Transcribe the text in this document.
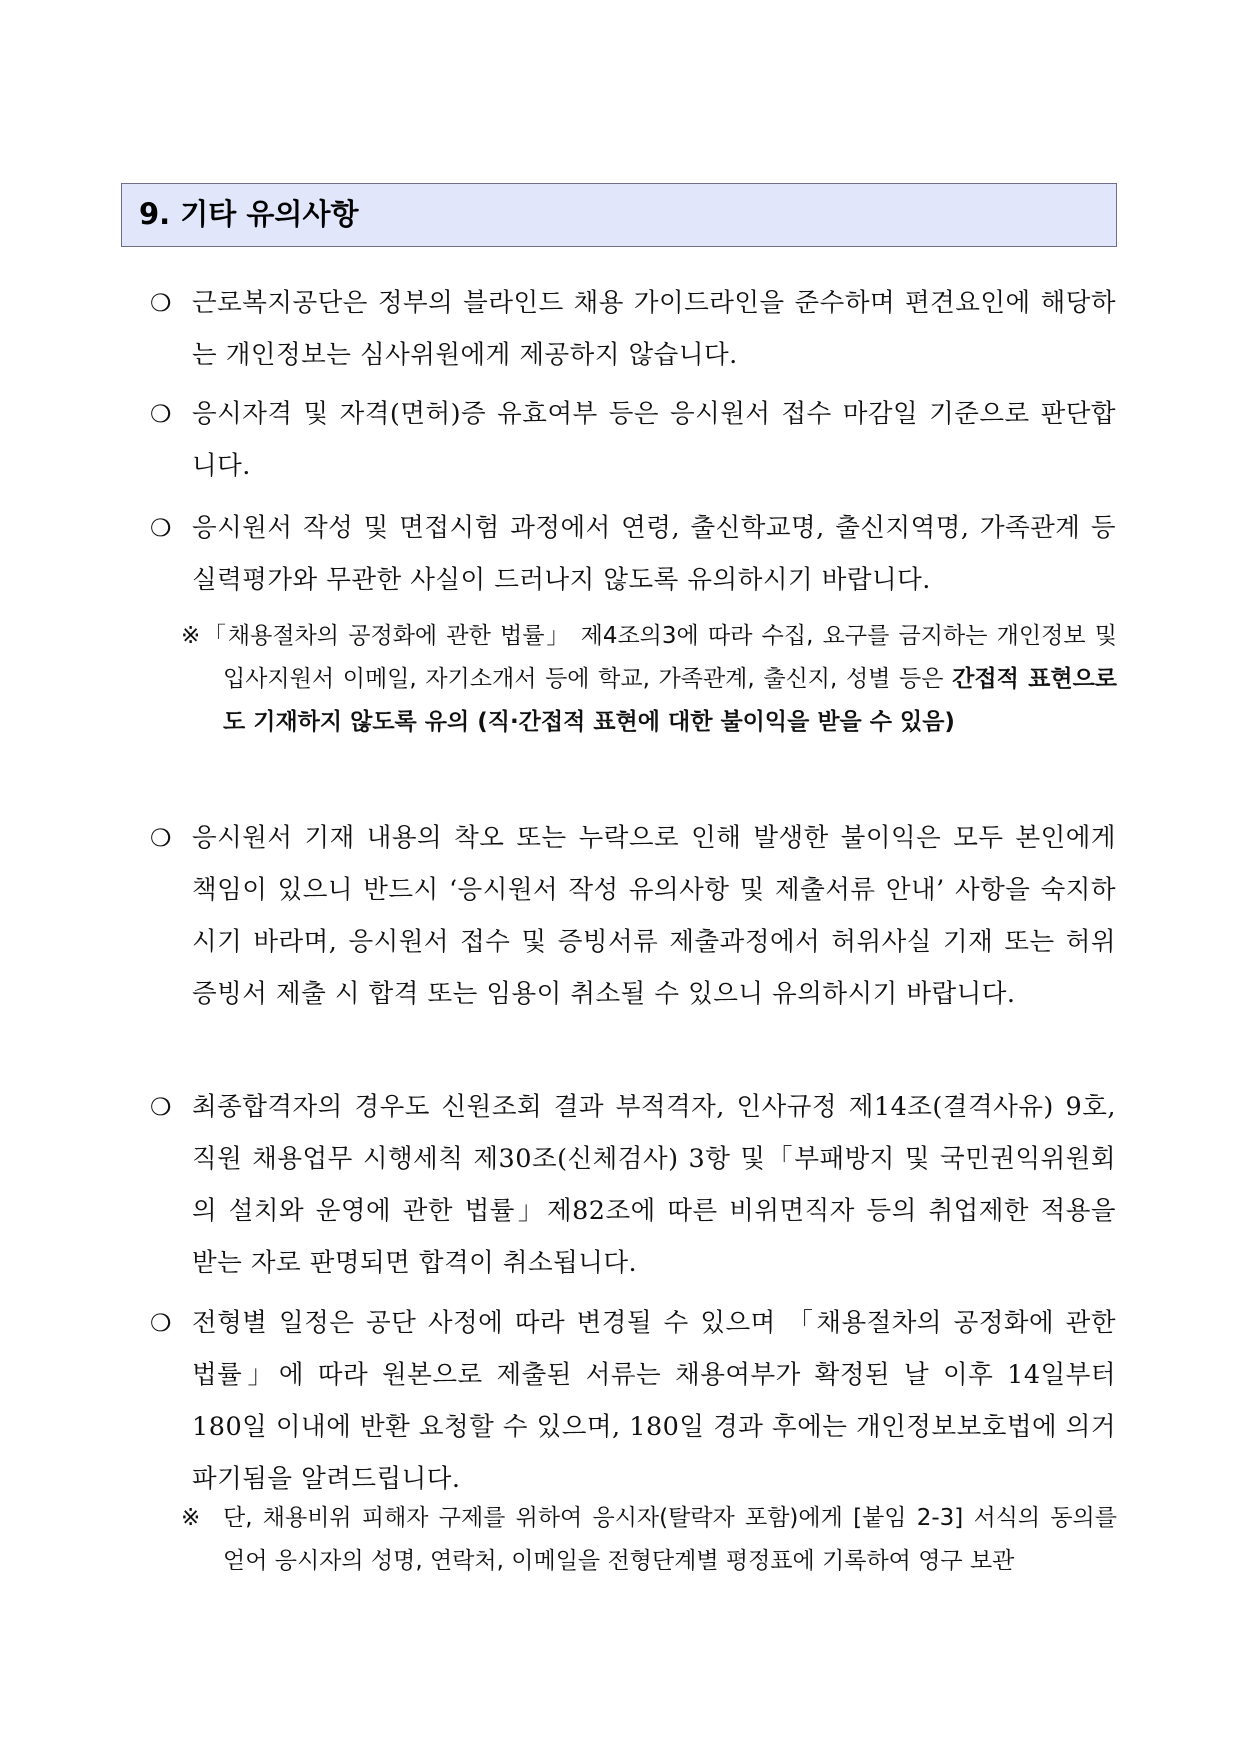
9. 기타 유의사항
❍ 근로복지공단은 정부의 블라인드 채용 가이드라인을 준수하며 편견요인에 해당하는 개인정보는 심사위원에게 제공하지 않습니다.
❍ 응시자격 및 자격(면허)증 유효여부 등은 응시원서 접수 마감일 기준으로 판단합니다.
❍ 응시원서 작성 및 면접시험 과정에서 연령, 출신학교명, 출신지역명, 가족관계 등 실력평가와 무관한 사실이 드러나지 않도록 유의하시기 바랍니다.
※ 「채용절차의 공정화에 관한 법률」 제4조의3에 따라 수집, 요구를 금지하는 개인정보 및 입사지원서 이메일, 자기소개서 등에 학교, 가족관계, 출신지, 성별 등은 간접적 표현으로도 기재하지 않도록 유의 (직·간접적 표현에 대한 불이익을 받을 수 있음)
❍ 응시원서 기재 내용의 착오 또는 누락으로 인해 발생한 불이익은 모두 본인에게 책임이 있으니 반드시 ‘응시원서 작성 유의사항 및 제출서류 안내’ 사항을 숙지하시기 바라며, 응시원서 접수 및 증빙서류 제출과정에서 허위사실 기재 또는 허위증빙서 제출 시 합격 또는 임용이 취소될 수 있으니 유의하시기 바랍니다.
❍ 최종합격자의 경우도 신원조회 결과 부적격자, 인사규정 제14조(결격사유) 9호, 직원 채용업무 시행세칙 제30조(신체검사) 3항 및「부패방지 및 국민권익위원회의 설치와 운영에 관한 법률」제82조에 따른 비위면직자 등의 취업제한 적용을 받는 자로 판명되면 합격이 취소됩니다.
❍ 전형별 일정은 공단 사정에 따라 변경될 수 있으며 「채용절차의 공정화에 관한 법률」에 따라 원본으로 제출된 서류는 채용여부가 확정된 날 이후 14일부터 180일 이내에 반환 요청할 수 있으며, 180일 경과 후에는 개인정보보호법에 의거 파기됨을 알려드립니다.
※ 단, 채용비위 피해자 구제를 위하여 응시자(탈락자 포함)에게 [붙임 2-3] 서식의 동의를 얻어 응시자의 성명, 연락처, 이메일을 전형단계별 평정표에 기록하여 영구 보관
